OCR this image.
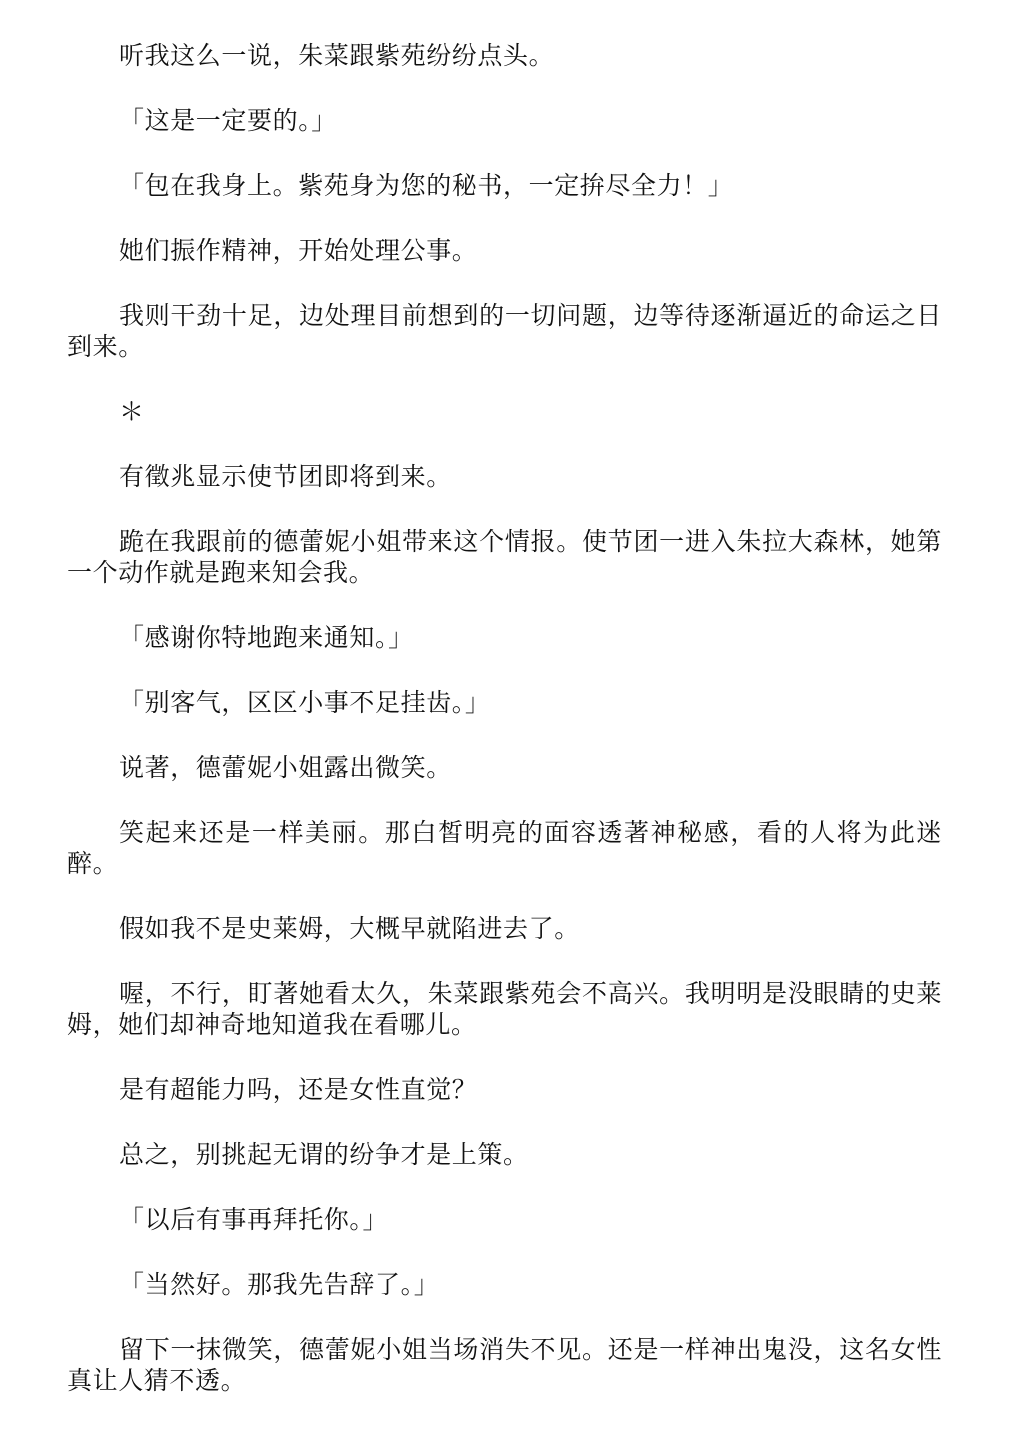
听我这么一说，朱菜跟紫苑纷纷点头。

「这是一定要的。」

「包在我身上。紫苑身为您的秘书，一定拚尽全力！」

她们振作精神，开始处理公事。

我则干劲十足，边处理目前想到的一切问题，边等待逐渐逼近的命运之日到来。

＊

有徵兆显示使节团即将到来。

跪在我跟前的德蕾妮小姐带来这个情报。使节团一进入朱拉大森林，她第一个动作就是跑来知会我。

「感谢你特地跑来通知。」

「别客气，区区小事不足挂齿。」

说著，德蕾妮小姐露出微笑。

笑起来还是一样美丽。那白皙明亮的面容透著神秘感，看的人将为此迷醉。

假如我不是史莱姆，大概早就陷进去了。

喔，不行，盯著她看太久，朱菜跟紫苑会不高兴。我明明是没眼睛的史莱姆，她们却神奇地知道我在看哪儿。

是有超能力吗，还是女性直觉？

总之，别挑起无谓的纷争才是上策。

「以后有事再拜托你。」

「当然好。那我先告辞了。」

留下一抹微笑，德蕾妮小姐当场消失不见。还是一样神出鬼没，这名女性真让人猜不透。
